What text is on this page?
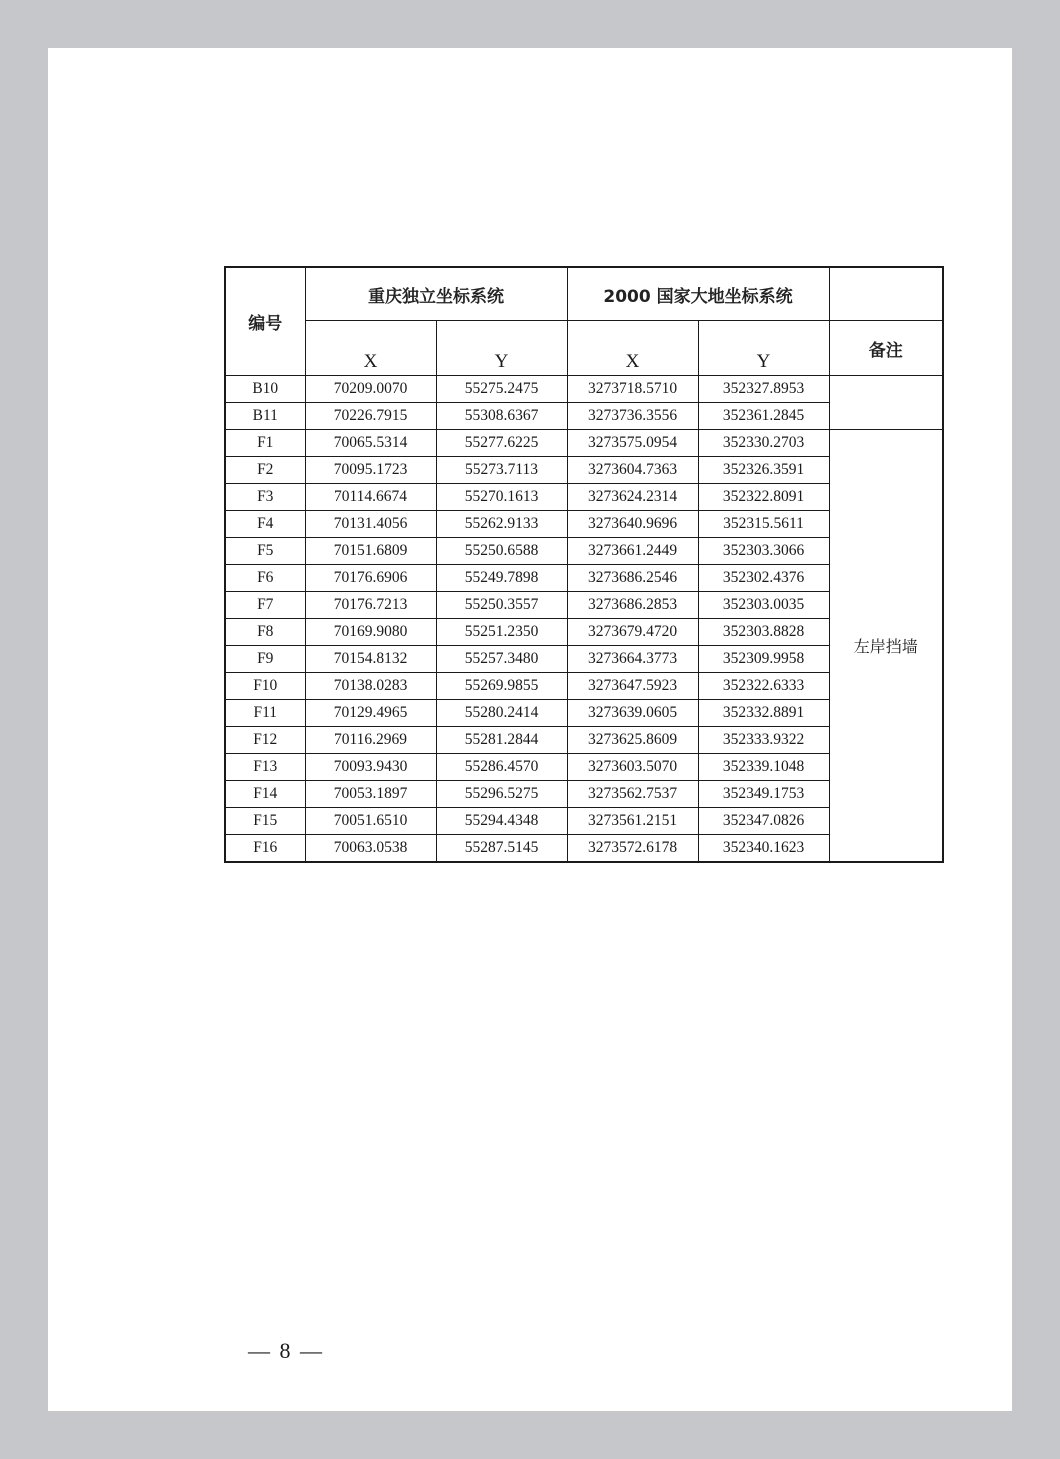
编号	重庆独立坐标系统		2000 国家大地坐标系统		
	X	Y	X	Y	备注
B10	70209.0070	55275.2475	3273718.5710	352327.8953	
B11	70226.7915	55308.6367	3273736.3556	352361.2845	
F1	70065.5314	55277.6225	3273575.0954	352330.2703	左岸挡墙
F2	70095.1723	55273.7113	3273604.7363	352326.3591	
F3	70114.6674	55270.1613	3273624.2314	352322.8091	
F4	70131.4056	55262.9133	3273640.9696	352315.5611	
F5	70151.6809	55250.6588	3273661.2449	352303.3066	
F6	70176.6906	55249.7898	3273686.2546	352302.4376	
F7	70176.7213	55250.3557	3273686.2853	352303.0035	
F8	70169.9080	55251.2350	3273679.4720	352303.8828	
F9	70154.8132	55257.3480	3273664.3773	352309.9958	
F10	70138.0283	55269.9855	3273647.5923	352322.6333	
F11	70129.4965	55280.2414	3273639.0605	352332.8891	
F12	70116.2969	55281.2844	3273625.8609	352333.9322	
F13	70093.9430	55286.4570	3273603.5070	352339.1048	
F14	70053.1897	55296.5275	3273562.7537	352349.1753	
F15	70051.6510	55294.4348	3273561.2151	352347.0826	
F16	70063.0538	55287.5145	3273572.6178	352340.1623	
— 8 —
